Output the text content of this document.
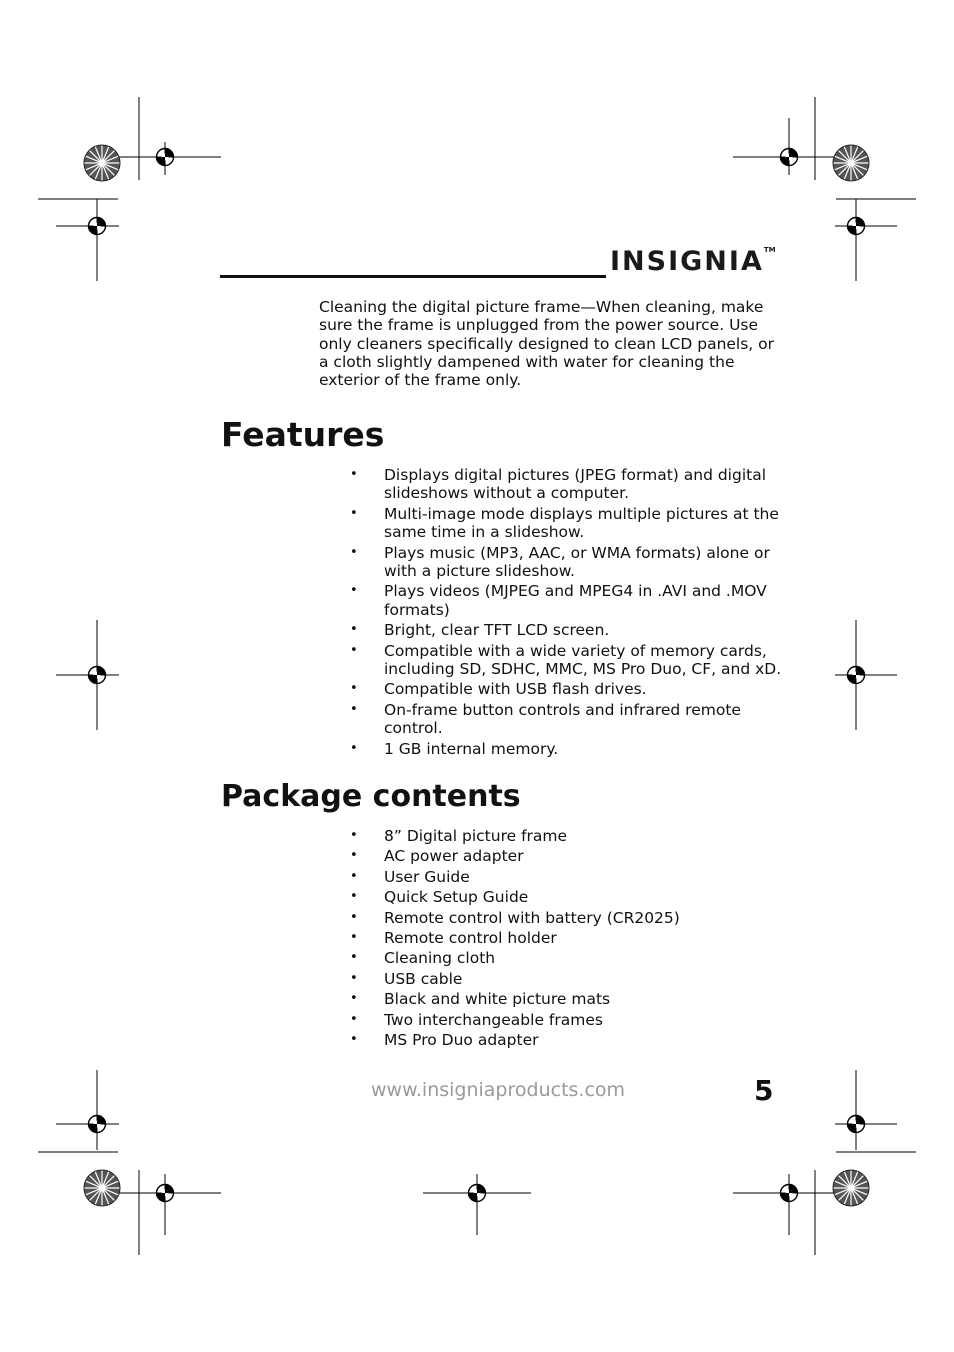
INSIGNIA™

Cleaning the digital picture frame—When cleaning, make sure the frame is unplugged from the power source. Use only cleaners specifically designed to clean LCD panels, or a cloth slightly dampened with water for cleaning the exterior of the frame only.

Features
• Displays digital pictures (JPEG format) and digital slideshows without a computer.
• Multi-image mode displays multiple pictures at the same time in a slideshow.
• Plays music (MP3, AAC, or WMA formats) alone or with a picture slideshow.
• Plays videos (MJPEG and MPEG4 in .AVI and .MOV formats)
• Bright, clear TFT LCD screen.
• Compatible with a wide variety of memory cards, including SD, SDHC, MMC, MS Pro Duo, CF, and xD.
• Compatible with USB flash drives.
• On-frame button controls and infrared remote control.
• 1 GB internal memory.
Package contents
• 8” Digital picture frame
• AC power adapter
• User Guide
• Quick Setup Guide
• Remote control with battery (CR2025)
• Remote control holder
• Cleaning cloth
• USB cable
• Black and white picture mats
• Two interchangeable frames
• MS Pro Duo adapter
www.insigniaproducts.com	5
